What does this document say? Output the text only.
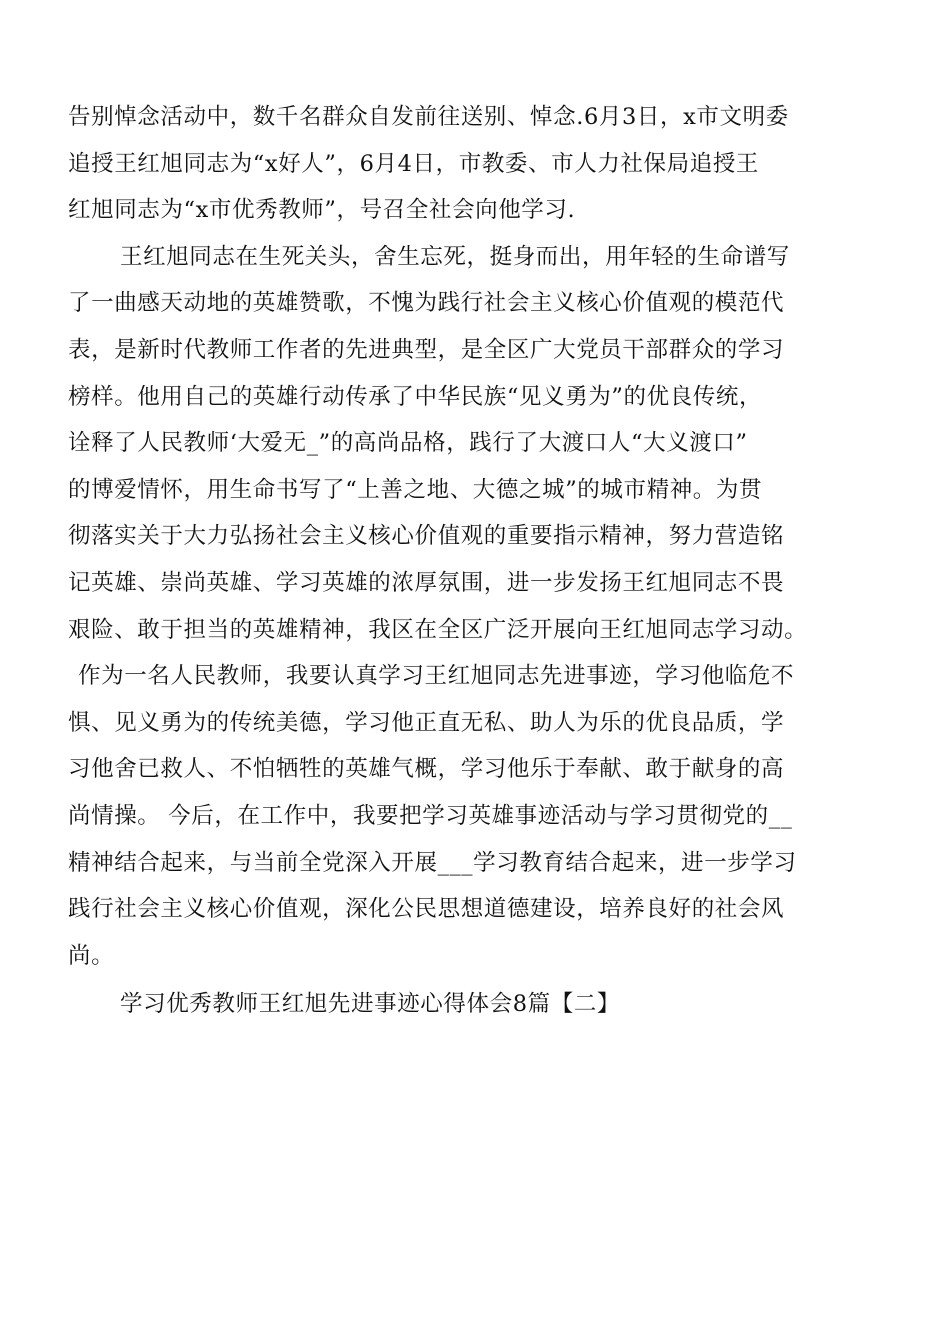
告别悼念活动中，数千名群众自发前往送别、悼念.6月3日，x市文明委
追授王红旭同志为“x好人”，6月4日，市教委、市人力社保局追授王
红旭同志为“x市优秀教师”，号召全社会向他学习.
王红旭同志在生死关头，舍生忘死，挺身而出，用年轻的生命谱写
了一曲感天动地的英雄赞歌，不愧为践行社会主义核心价值观的模范代
表，是新时代教师工作者的先进典型，是全区广大党员干部群众的学习
榜样。他用自己的英雄行动传承了中华民族“见义勇为”的优良传统，
诠释了人民教师‘大爱无_”的高尚品格，践行了大渡口人“大义渡口”
的博爱情怀，用生命书写了“上善之地、大德之城”的城市精神。为贯
彻落实关于大力弘扬社会主义核心价值观的重要指示精神，努力营造铭
记英雄、崇尚英雄、学习英雄的浓厚氛围，进一步发扬王红旭同志不畏
艰险、敢于担当的英雄精神，我区在全区广泛开展向王红旭同志学习动。
作为一名人民教师，我要认真学习王红旭同志先进事迹，学习他临危不
惧、见义勇为的传统美德，学习他正直无私、助人为乐的优良品质，学
习他舍已救人、不怕牺牲的英雄气概，学习他乐于奉献、敢于献身的高
尚情操。 今后，在工作中，我要把学习英雄事迹活动与学习贯彻党的__
精神结合起来，与当前全党深入开展___学习教育结合起来，进一步学习
践行社会主义核心价值观，深化公民思想道德建设，培养良好的社会风
尚。
学习优秀教师王红旭先进事迹心得体会8篇【二】
